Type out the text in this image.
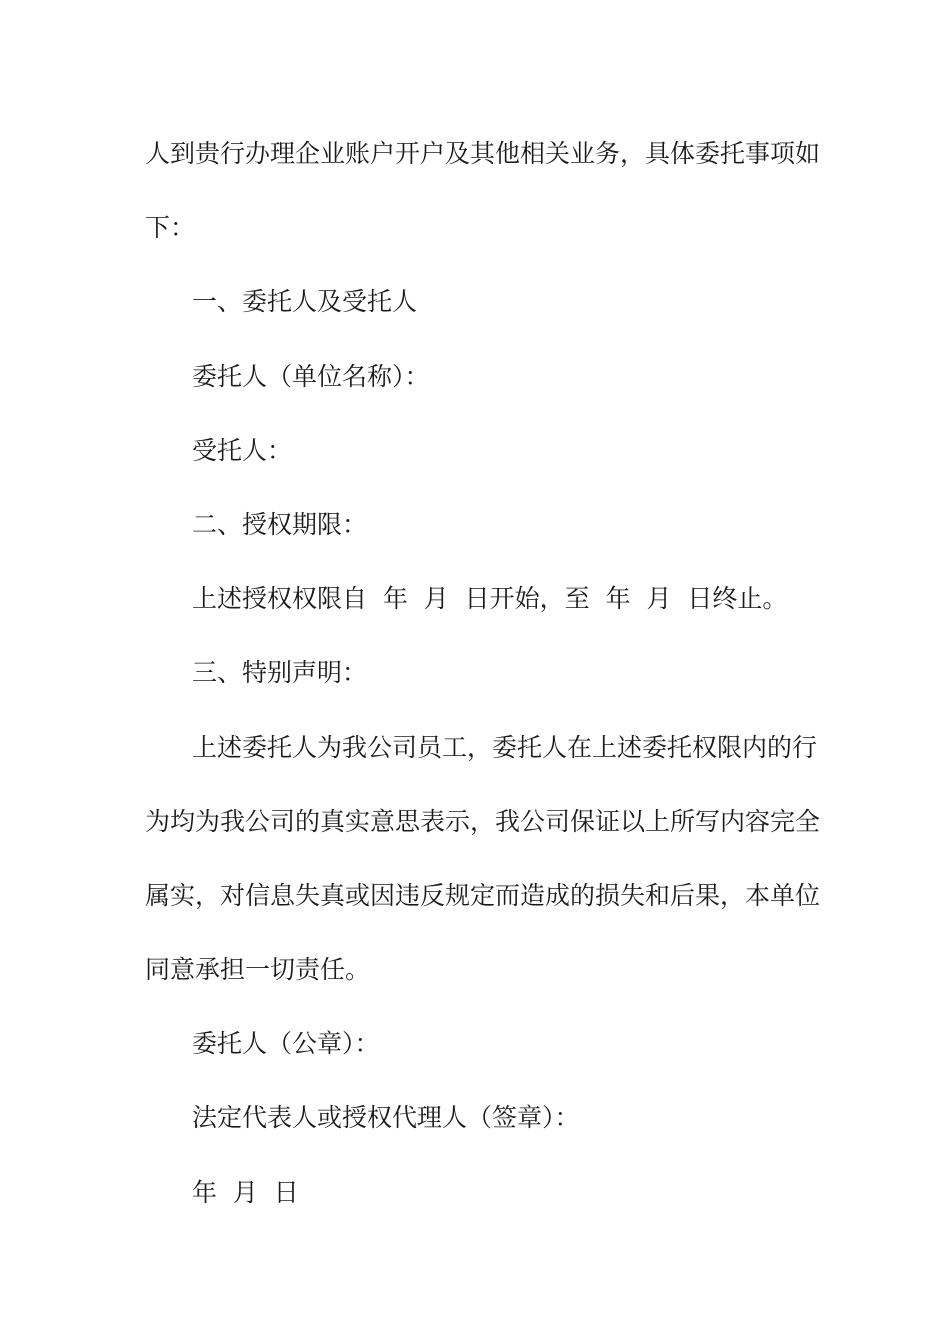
人到贵行办理企业账户开户及其他相关业务，具体委托事项如
下：
一、委托人及受托人
委托人（单位名称）：
受托人：
二、授权期限：
上述授权权限自  年  月  日开始，至  年  月  日终止。
三、特别声明：
上述委托人为我公司员工，委托人在上述委托权限内的行
为均为我公司的真实意思表示，我公司保证以上所写内容完全
属实，对信息失真或因违反规定而造成的损失和后果，本单位
同意承担一切责任。
委托人（公章）：
法定代表人或授权代理人（签章）：
年  月  日
